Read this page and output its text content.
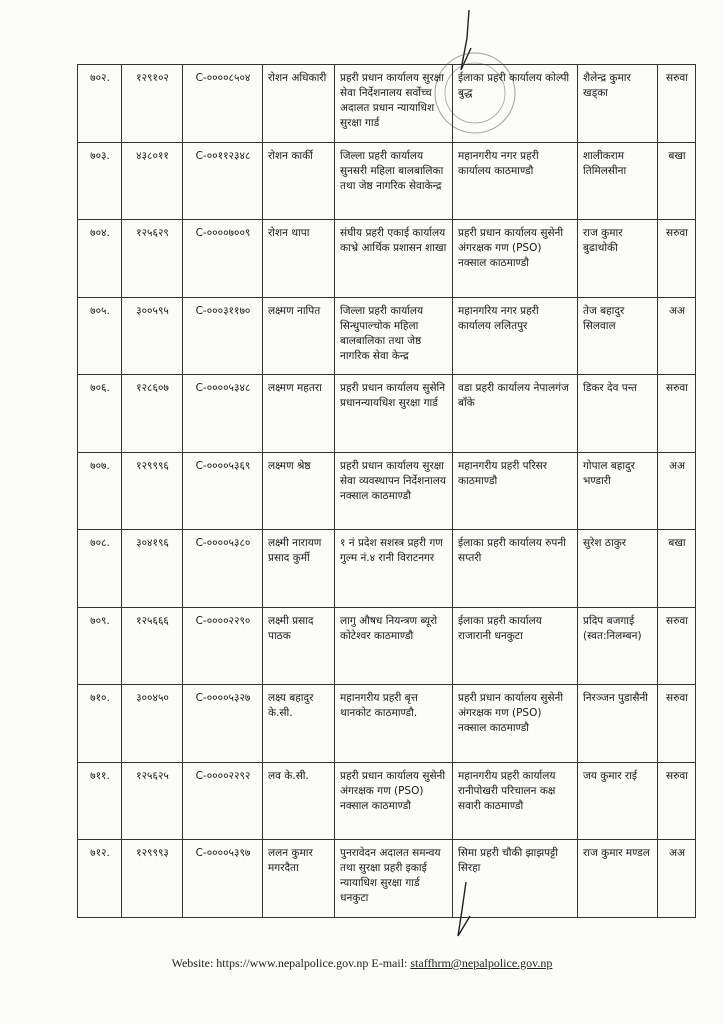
७०२.	१२९१०२	C-००००८५०४	रोशन अधिकारी	प्रहरी प्रधान कार्यालय सुरक्षा सेवा निर्देशनालय सर्वोच्च अदालत प्रधान न्यायाधिश सुरक्षा गार्ड	ईलाका प्रहरी कार्यालय कोल्पी बुद्ध	शैलेन्द्र कुमार खड्का	सरुवा
७०३.	४३८०११	C-००११२३४८	रोशन कार्की	जिल्ला प्रहरी कार्यालय सुनसरी महिला बालबालिका तथा जेष्ठ नागरिक सेवाकेन्द्र	महानगरीय नगर प्रहरी कार्यालय काठमाण्डौ	शालीकराम तिमिलसीना	बखा
७०४.	१२५६२९	C-००००७००९	रोशन थापा	संघीय प्रहरी एकाई कार्यालय काभ्रे आर्थिक प्रशासन शाखा	प्रहरी प्रधान कार्यालय सुसेनी अंगरक्षक गण (PSO) नक्साल काठमाण्डौ	राज कुमार बुढाथोकी	सरुवा
७०५.	३००५९५	C-०००३११७०	लक्ष्मण नापित	जिल्ला प्रहरी कार्यालय सिन्धुपाल्चोक महिला बालबालिका तथा जेष्ठ नागरिक सेवा केन्द्र	महानगरिय नगर प्रहरी कार्यालय ललितपुर	तेज बहादुर सिलवाल	अअ
७०६.	१२८६०७	C-००००५३४८	लक्ष्मण महतरा	प्रहरी प्रधान कार्यालय सुसेनि प्रधानन्यायधिश सुरक्षा गार्ड	वडा प्रहरी कार्यालय नेपालगंज बाँके	डिकर देव पन्त	सरुवा
७०७.	१२९९९६	C-००००५३६९	लक्ष्मण श्रेष्ठ	प्रहरी प्रधान कार्यालय सुरक्षा सेवा व्यवस्थापन निर्देशनालय नक्साल काठमाण्डौ	महानगरीय प्रहरी परिसर काठमाण्डौ	गोपाल बहादुर भण्डारी	अअ
७०८.	३०४१९६	C-००००५३८०	लक्ष्मी नारायण प्रसाद कुर्मी	१ नं प्रदेश सशस्त्र प्रहरी गण गुल्म नं.४ रानी विराटनगर	ईलाका प्रहरी कार्यालय रुपनी सप्तरी	सुरेश ठाकुर	बखा
७०९.	१२५६६६	C-००००२२९०	लक्ष्मी प्रसाद पाठक	लागु औषध नियन्त्रण ब्यूरो कोटेश्वर काठमाण्डौ	ईलाका प्रहरी कार्यालय राजारानी धनकुटा	प्रदिप बजगाई (स्वत:निलम्बन)	सरुवा
७१०.	३००४५०	C-००००५३२७	लक्ष्य बहादुर के.सी.	महानगरीय प्रहरी बृत्त थानकोट काठमाण्डौ.	प्रहरी प्रधान कार्यालय सुसेनी अंगरक्षक गण (PSO) नक्साल काठमाण्डौ	निरञ्जन पुडासैनी	सरुवा
७११.	१२५६२५	C-००००२२९२	लव के.सी.	प्रहरी प्रधान कार्यालय सुसेनी अंगरक्षक गण (PSO) नक्साल काठमाण्डौ	महानगरीय प्रहरी कार्यालय रानीपोखरी परिचालन कक्ष सवारी काठमाण्डौ	जय कुमार राई	सरुवा
७१२.	१२९९९३	C-००००५३९७	ललन कुमार मगरदैता	पुनरावेदन अदालत समन्वय तथा सुरक्षा प्रहरी इकाई न्यायाधिश सुरक्षा गार्ड धनकुटा	सिमा प्रहरी चौकी झाझपट्टी सिरहा	राज कुमार मण्डल	अअ
Website: https://www.nepalpolice.gov.np E-mail: staffhrm@nepalpolice.gov.np
